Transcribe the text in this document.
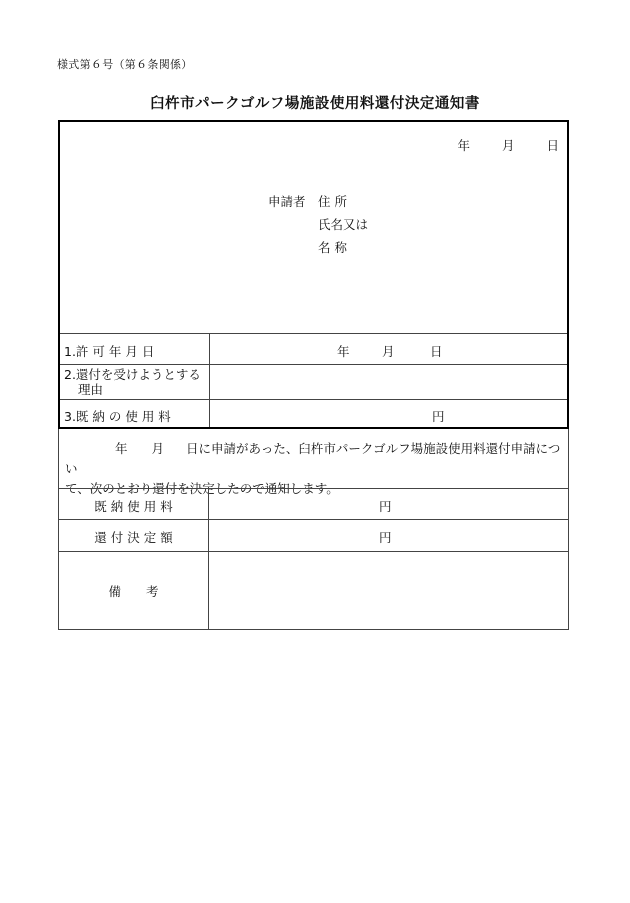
様式第６号（第６条関係）
臼杵市パークゴルフ場施設使用料還付決定通知書
年	月	日
申請者 住 所
氏名又は
名 称
1.許 可 年 月 日	年	月	日
2.還付を受けようとする
理由
3.既 納 の 使 用 料	円
年 月 日に申請があった、臼杵市パークゴルフ場施設使用料還付申請につい
て、次のとおり還付を決定したので通知します。
既 納 使 用 料	円
還 付 決 定 額	円
備　　考
